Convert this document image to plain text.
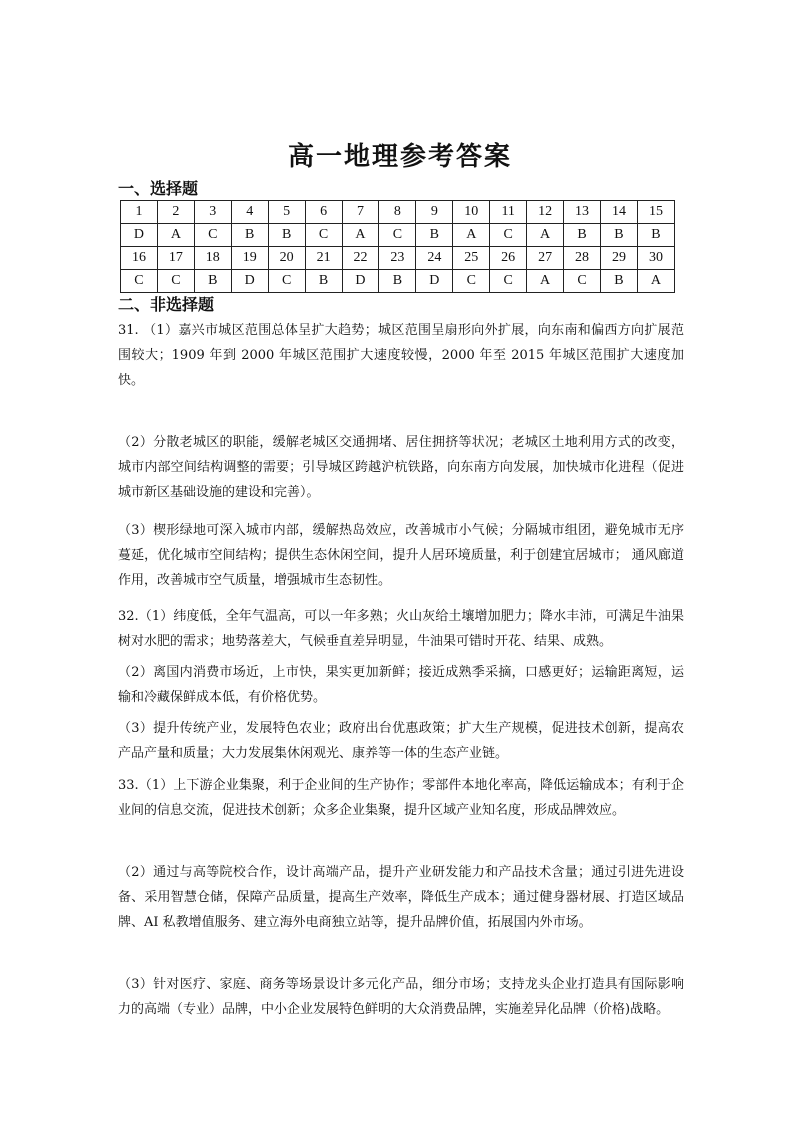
高一地理参考答案
一、选择题
1	2	3	4	5	6	7	8	9	10	11	12	13	14	15
D	A	C	B	B	C	A	C	B	A	C	A	B	B	B
16	17	18	19	20	21	22	23	24	25	26	27	28	29	30
C	C	B	D	C	B	D	B	D	C	C	A	C	B	A
二、非选择题
31. （1）嘉兴市城区范围总体呈扩大趋势；城区范围呈扇形向外扩展，向东南和偏西方向扩展范围较大；1909 年到 2000 年城区范围扩大速度较慢，2000 年至 2015 年城区范围扩大速度加快。
（2）分散老城区的职能，缓解老城区交通拥堵、居住拥挤等状况；老城区土地利用方式的改变，城市内部空间结构调整的需要；引导城区跨越沪杭铁路，向东南方向发展，加快城市化进程（促进城市新区基础设施的建设和完善）。
（3）楔形绿地可深入城市内部，缓解热岛效应，改善城市小气候；分隔城市组团，避免城市无序蔓延，优化城市空间结构；提供生态休闲空间，提升人居环境质量，利于创建宜居城市； 通风廊道作用，改善城市空气质量，增强城市生态韧性。
32.（1）纬度低，全年气温高，可以一年多熟；火山灰给土壤增加肥力；降水丰沛，可满足牛油果树对水肥的需求；地势落差大，气候垂直差异明显，牛油果可错时开花、结果、成熟。
（2）离国内消费市场近，上市快，果实更加新鲜；接近成熟季采摘，口感更好；运输距离短，运输和冷藏保鲜成本低，有价格优势。
（3）提升传统产业，发展特色农业；政府出台优惠政策；扩大生产规模，促进技术创新，提高农产品产量和质量；大力发展集休闲观光、康养等一体的生态产业链。
33.（1）上下游企业集聚，利于企业间的生产协作；零部件本地化率高，降低运输成本；有利于企业间的信息交流，促进技术创新；众多企业集聚，提升区域产业知名度，形成品牌效应。
（2）通过与高等院校合作，设计高端产品，提升产业研发能力和产品技术含量；通过引进先进设备、采用智慧仓储，保障产品质量，提高生产效率，降低生产成本；通过健身器材展、打造区域品牌、AI 私教增值服务、建立海外电商独立站等，提升品牌价值，拓展国内外市场。
（3）针对医疗、家庭、商务等场景设计多元化产品，细分市场；支持龙头企业打造具有国际影响力的高端（专业）品牌，中小企业发展特色鲜明的大众消费品牌，实施差异化品牌（价格)战略。
